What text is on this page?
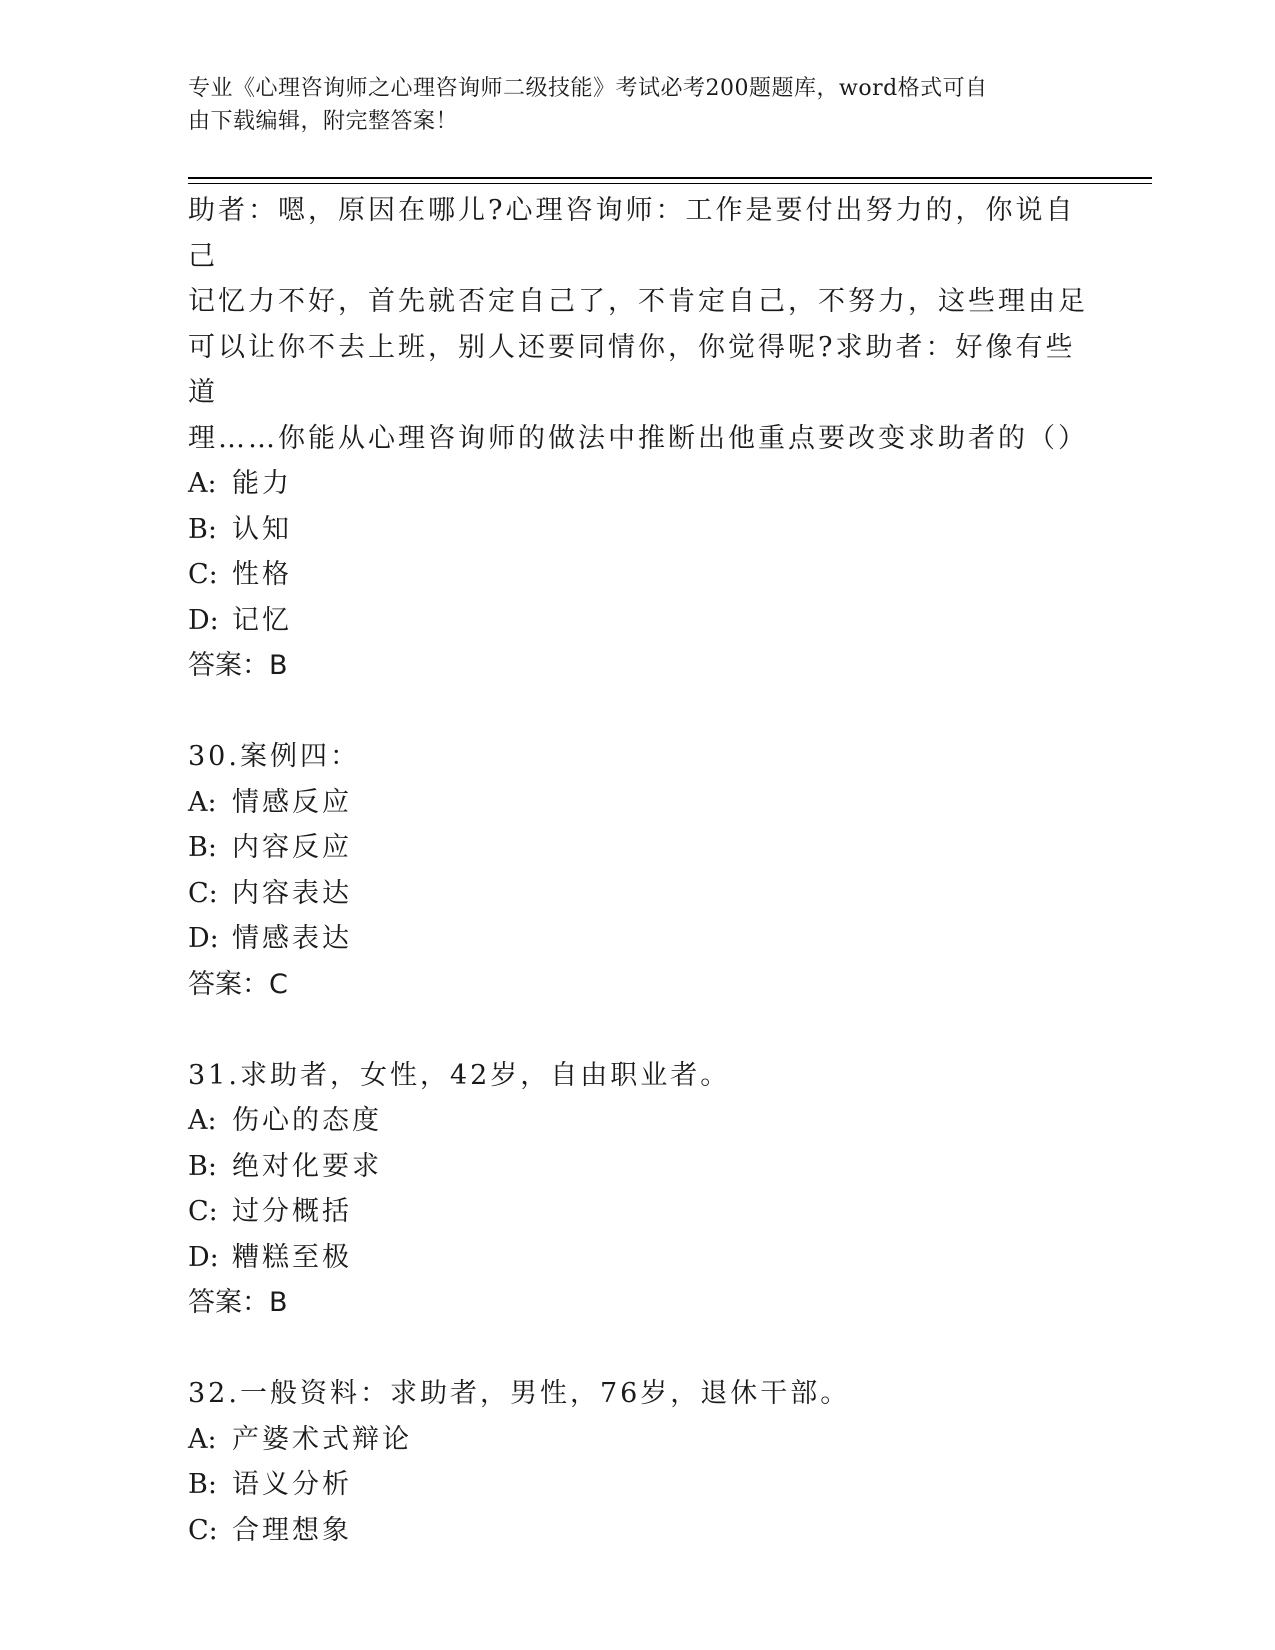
专业《心理咨询师之心理咨询师二级技能》考试必考200题题库，word格式可自
由下载编辑，附完整答案！

助者：嗯，原因在哪儿?心理咨询师：工作是要付出努力的，你说自己

记忆力不好，首先就否定自己了，不肯定自己，不努力，这些理由足

可以让你不去上班，别人还要同情你，你觉得呢?求助者：好像有些道

理……你能从心理咨询师的做法中推断出他重点要改变求助者的（）

A: 能力
B: 认知
C: 性格
D: 记忆

答案：B

30.案例四：

A: 情感反应
B: 内容反应
C: 内容表达
D: 情感表达

答案：C

31.求助者，女性，42岁，自由职业者。

A: 伤心的态度
B: 绝对化要求
C: 过分概括
D: 糟糕至极

答案：B

32.一般资料：求助者，男性，76岁，退休干部。

A: 产婆术式辩论
B: 语义分析
C: 合理想象
